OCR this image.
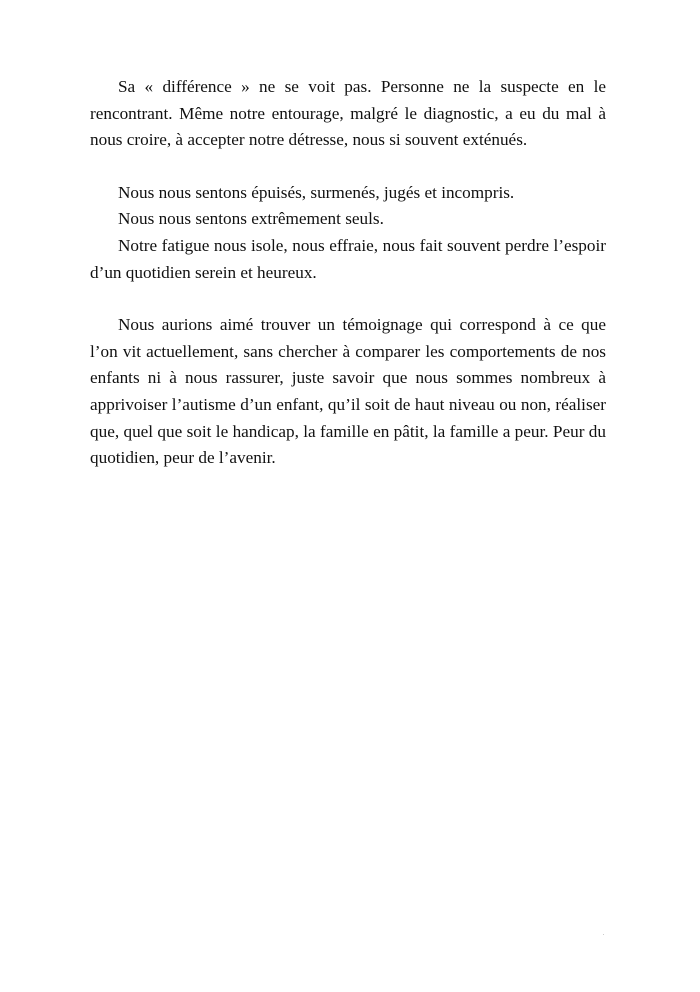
Sa « différence » ne se voit pas. Personne ne la suspecte en le rencontrant. Même notre entourage, malgré le diagnostic, a eu du mal à nous croire, à accepter notre détresse, nous si souvent exténués.

Nous nous sentons épuisés, surmenés, jugés et incompris.

Nous nous sentons extrêmement seuls.

Notre fatigue nous isole, nous effraie, nous fait souvent perdre l’espoir d’un quotidien serein et heureux.

Nous aurions aimé trouver un témoignage qui correspond à ce que l’on vit actuellement, sans chercher à comparer les comportements de nos enfants ni à nous rassurer, juste savoir que nous sommes nombreux à apprivoiser l’autisme d’un enfant, qu’il soit de haut niveau ou non, réaliser que, quel que soit le handicap, la famille en pâtit, la famille a peur. Peur du quotidien, peur de l’avenir.
